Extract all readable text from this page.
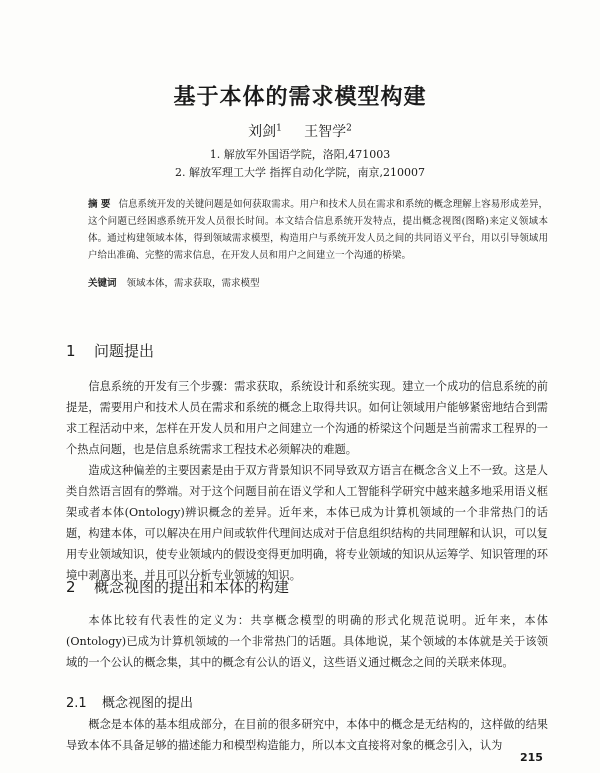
基于本体的需求模型构建
刘剑$^1$ 王智学$^2$
1. 解放军外国语学院，洛阳,471003
2. 解放军理工大学 指挥自动化学院，南京,210007
摘 要 信息系统开发的关键问题是如何获取需求。用户和技术人员在需求和系统的概念理解上容易形成差异，这个问题已经困惑系统开发人员很长时间。本文结合信息系统开发特点，提出概念视图(图略)来定义领域本体。通过构建领域本体，得到领域需求模型，构造用户与系统开发人员之间的共同语义平台，用以引导领域用户给出准确、完整的需求信息，在开发人员和用户之间建立一个沟通的桥梁。
关键词 领域本体，需求获取，需求模型
1 问题提出
信息系统的开发有三个步骤：需求获取，系统设计和系统实现。建立一个成功的信息系统的前提是，需要用户和技术人员在需求和系统的概念上取得共识。如何让领域用户能够紧密地结合到需求工程活动中来，怎样在开发人员和用户之间建立一个沟通的桥梁这个问题是当前需求工程界的一个热点问题，也是信息系统需求工程技术必须解决的难题。
造成这种偏差的主要因素是由于双方背景知识不同导致双方语言在概念含义上不一致。这是人类自然语言固有的弊端。对于这个问题目前在语义学和人工智能科学研究中越来越多地采用语义框架或者本体(Ontology)辨识概念的差异。近年来，本体已成为计算机领域的一个非常热门的话题，构建本体，可以解决在用户间或软件代理间达成对于信息组织结构的共同理解和认识，可以复用专业领域知识，使专业领域内的假设变得更加明确，将专业领域的知识从运筹学、知识管理的环境中剥离出来，并且可以分析专业领域的知识。
2 概念视图的提出和本体的构建
本体比较有代表性的定义为：共享概念模型的明确的形式化规范说明。近年来，本体(Ontology)已成为计算机领域的一个非常热门的话题。具体地说，某个领域的本体就是关于该领域的一个公认的概念集，其中的概念有公认的语义，这些语义通过概念之间的关联来体现。
2.1 概念视图的提出
概念是本体的基本组成部分，在目前的很多研究中，本体中的概念是无结构的，这样做的结果导致本体不具备足够的描述能力和模型构造能力，所以本文直接将对象的概念引入，认为
215
